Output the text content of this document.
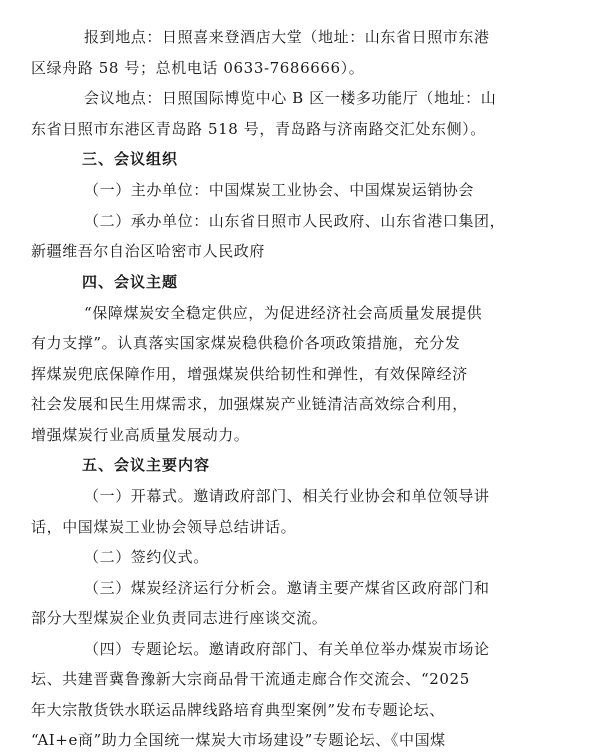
报到地点：日照喜来登酒店大堂（地址：山东省日照市东港
区绿舟路 58 号；总机电话 0633-7686666）。
会议地点：日照国际博览中心 B 区一楼多功能厅（地址：山
东省日照市东港区青岛路 518 号，青岛路与济南路交汇处东侧）。
三、会议组织
（一）主办单位：中国煤炭工业协会、中国煤炭运销协会
（二）承办单位：山东省日照市人民政府、山东省港口集团，
新疆维吾尔自治区哈密市人民政府
四、会议主题
“保障煤炭安全稳定供应，为促进经济社会高质量发展提供
有力支撑”。认真落实国家煤炭稳供稳价各项政策措施，充分发
挥煤炭兜底保障作用，增强煤炭供给韧性和弹性，有效保障经济
社会发展和民生用煤需求，加强煤炭产业链清洁高效综合利用，
增强煤炭行业高质量发展动力。
五、会议主要内容
（一）开幕式。邀请政府部门、相关行业协会和单位领导讲
话，中国煤炭工业协会领导总结讲话。
（二）签约仪式。
（三）煤炭经济运行分析会。邀请主要产煤省区政府部门和
部分大型煤炭企业负责同志进行座谈交流。
（四）专题论坛。邀请政府部门、有关单位举办煤炭市场论
坛、共建晋冀鲁豫新大宗商品骨干流通走廊合作交流会、“2025
年大宗散货铁水联运品牌线路培育典型案例”发布专题论坛、
“AI+e商”助力全国统一煤炭大市场建设”专题论坛、《中国煤
